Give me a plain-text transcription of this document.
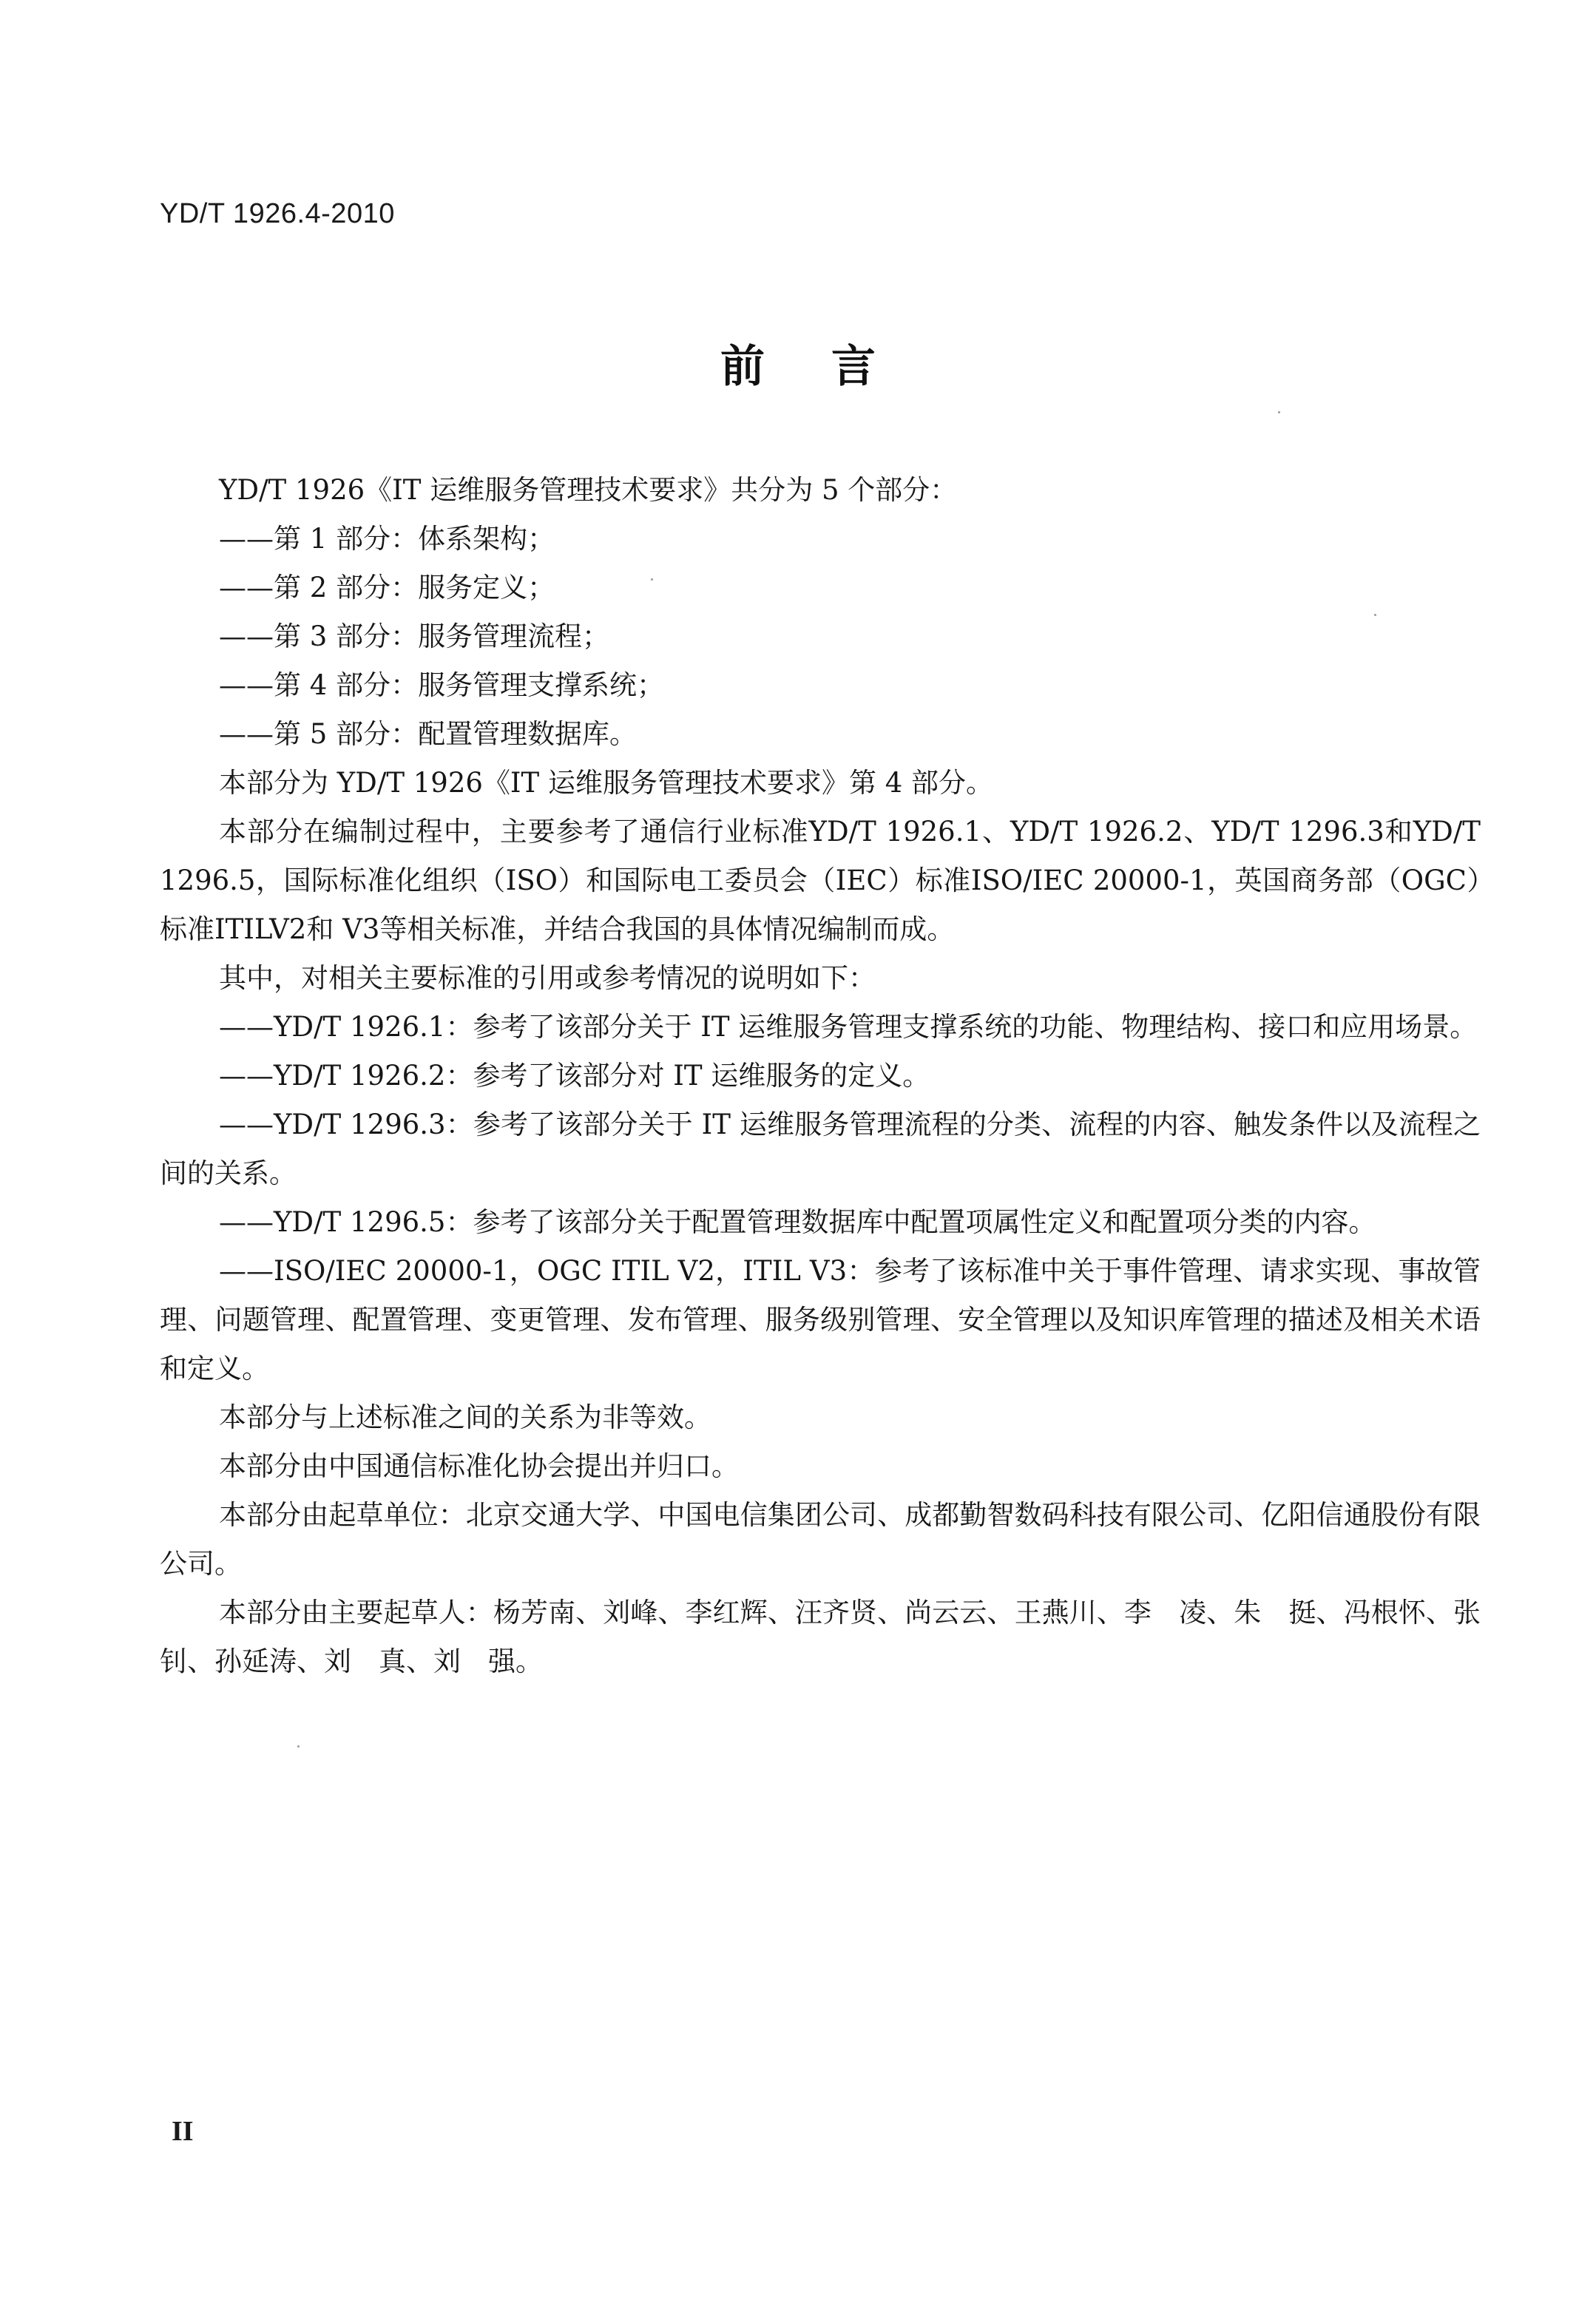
YD/T 1926.4-2010
前言

YD/T 1926《IT 运维服务管理技术要求》共分为 5 个部分：

——第 1 部分：体系架构；

——第 2 部分：服务定义；

——第 3 部分：服务管理流程；

——第 4 部分：服务管理支撑系统；

——第 5 部分：配置管理数据库。

本部分为 YD/T 1926《IT 运维服务管理技术要求》第 4 部分。

本部分在编制过程中，主要参考了通信行业标准YD/T 1926.1、YD/T 1926.2、YD/T 1296.3和YD/T 1296.5，国际标准化组织（ISO）和国际电工委员会（IEC）标准ISO/IEC 20000-1，英国商务部（OGC）标准ITILV2和 V3等相关标准，并结合我国的具体情况编制而成。

其中，对相关主要标准的引用或参考情况的说明如下：

——YD/T 1926.1：参考了该部分关于 IT 运维服务管理支撑系统的功能、物理结构、接口和应用场景。

——YD/T 1926.2：参考了该部分对 IT 运维服务的定义。

——YD/T 1296.3：参考了该部分关于 IT 运维服务管理流程的分类、流程的内容、触发条件以及流程之间的关系。

——YD/T 1296.5：参考了该部分关于配置管理数据库中配置项属性定义和配置项分类的内容。

——ISO/IEC 20000-1，OGC ITIL V2，ITIL V3：参考了该标准中关于事件管理、请求实现、事故管理、问题管理、配置管理、变更管理、发布管理、服务级别管理、安全管理以及知识库管理的描述及相关术语和定义。

本部分与上述标准之间的关系为非等效。

本部分由中国通信标准化协会提出并归口。

本部分由起草单位：北京交通大学、中国电信集团公司、成都勤智数码科技有限公司、亿阳信通股份有限公司。

本部分由主要起草人：杨芳南、刘峰、李红辉、汪齐贤、尚云云、王燕川、李　凌、朱　挺、冯根怀、张　钊、孙延涛、刘　真、刘　强。

II
